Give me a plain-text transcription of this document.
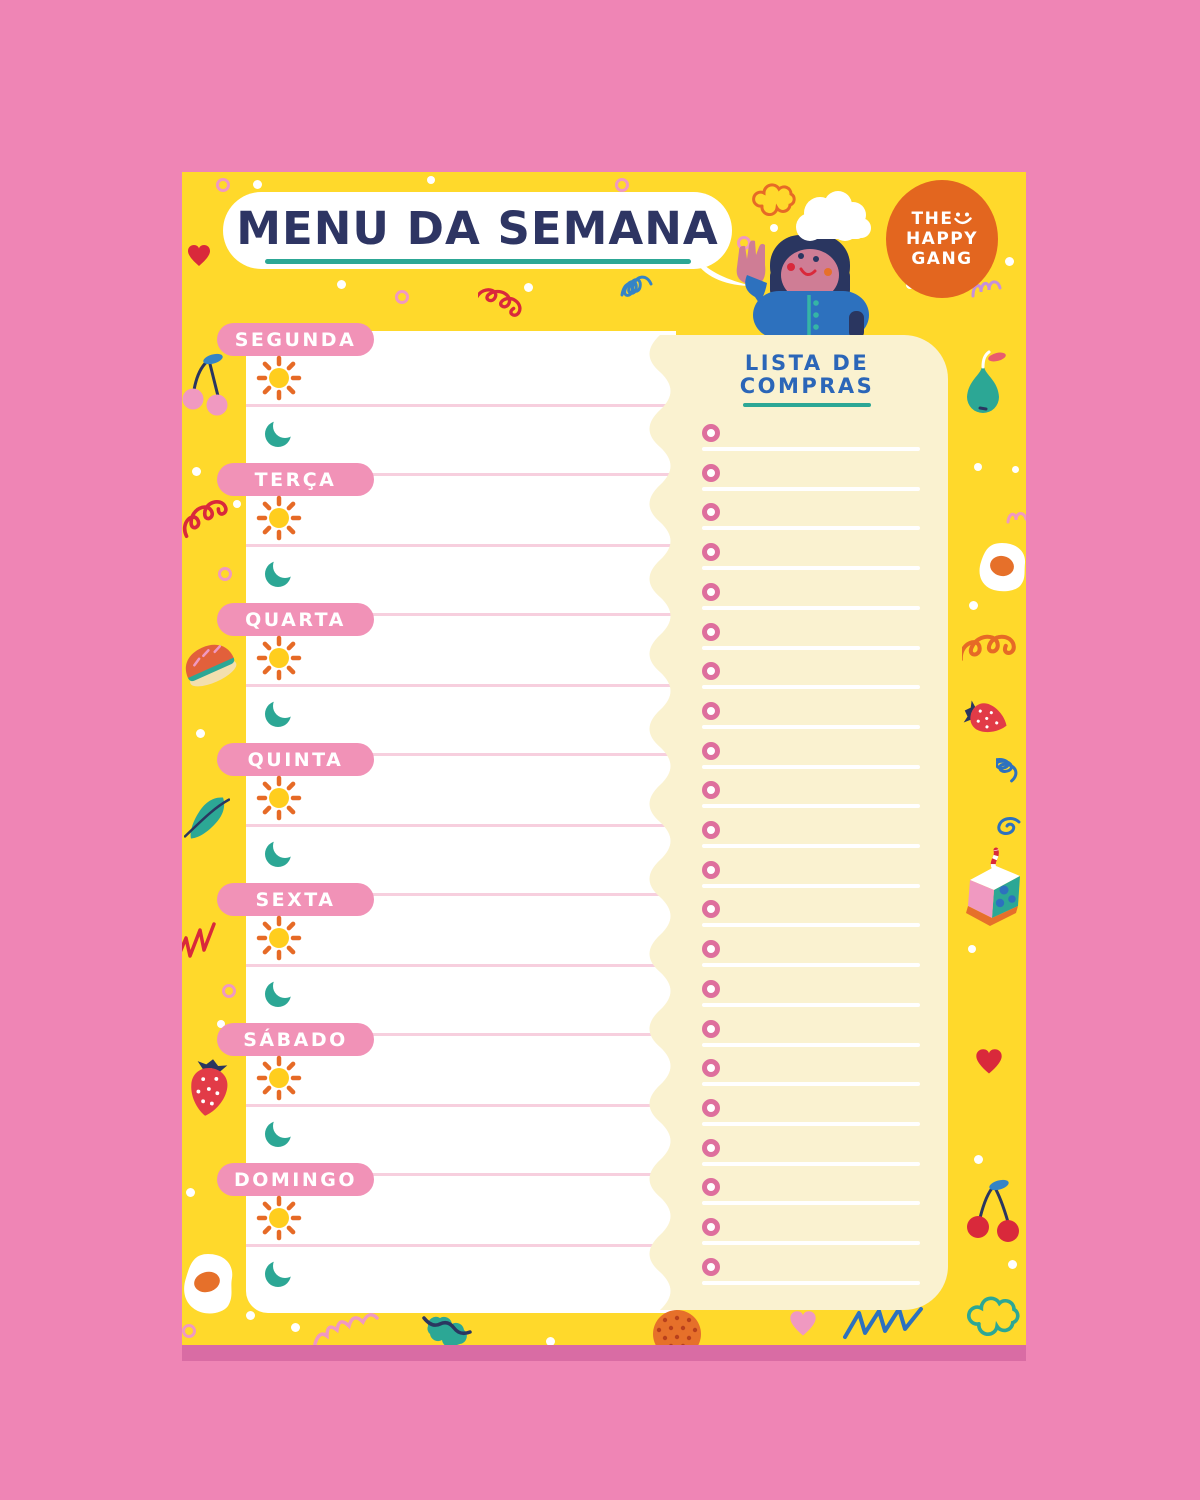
MENU DA SEMANA	THE
HAPPY
GANG
SEGUNDA
TERÇA
QUARTA
QUINTA
SEXTA
SÁBADO
DOMINGO
LISTA DE
COMPRAS
